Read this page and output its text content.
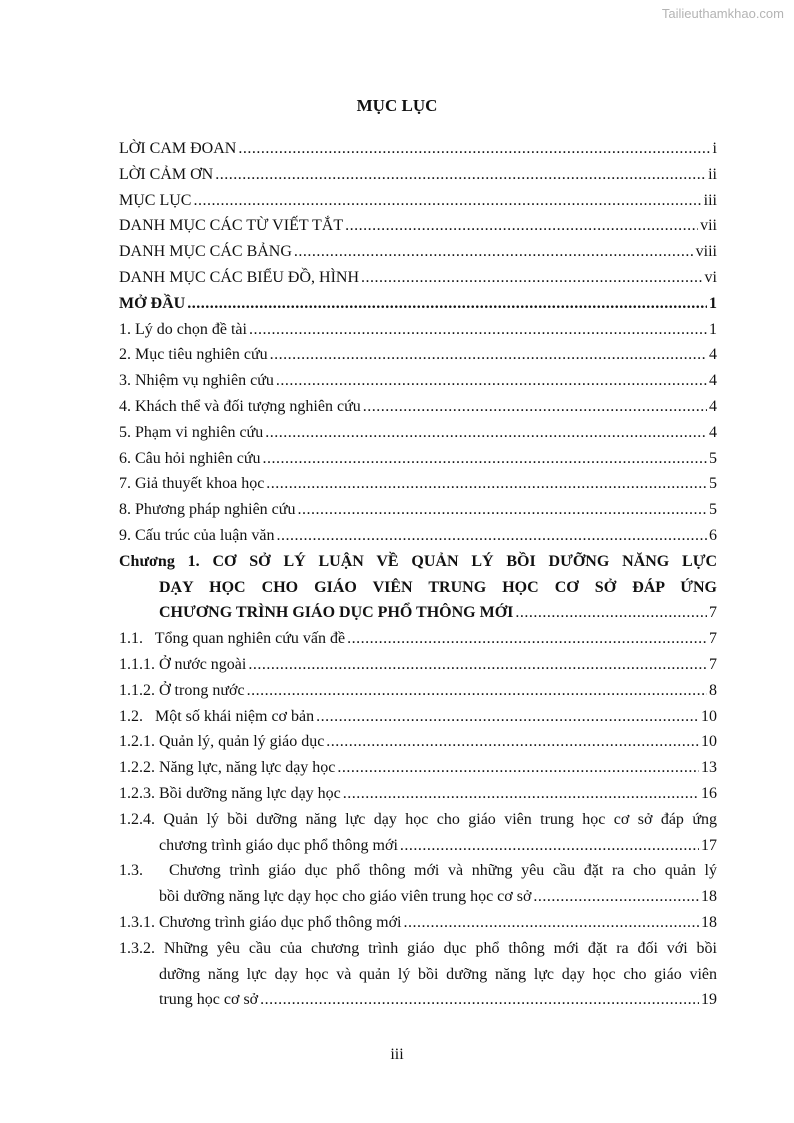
Tailieuthamkhao.com
MỤC LỤC
LỜI CAM ĐOAN .....	i
LỜI CẢM ƠN .....	ii
MỤC LỤC .....	iii
DANH MỤC CÁC TỪ VIẾT TẮT .....	vii
DANH MỤC CÁC BẢNG .....	viii
DANH MỤC CÁC BIỂU ĐỒ, HÌNH .....	vi
MỞ ĐẦU .....	1
1. Lý do chọn đề tài .....	1
2. Mục tiêu nghiên cứu .....	4
3. Nhiệm vụ nghiên cứu .....	4
4. Khách thể và đối tượng nghiên cứu .....	4
5. Phạm vi nghiên cứu .....	4
6. Câu hỏi nghiên cứu .....	5
7. Giả thuyết khoa học .....	5
8. Phương pháp nghiên cứu .....	5
9. Cấu trúc của luận văn .....	6
Chương 1. CƠ SỞ LÝ LUẬN VỀ QUẢN LÝ BỒI DƯỠNG NĂNG LỰC
DẠY HỌC CHO GIÁO VIÊN TRUNG HỌC CƠ SỞ ĐÁP ỨNG
CHƯƠNG TRÌNH GIÁO DỤC PHỔ THÔNG MỚI .....	7
1.1.   Tổng quan nghiên cứu vấn đề .....	7
1.1.1. Ở nước ngoài .....	7
1.1.2. Ở trong nước .....	8
1.2.   Một số khái niệm cơ bản .....	10
1.2.1. Quản lý, quản lý giáo dục .....	10
1.2.2. Năng lực, năng lực dạy học .....	13
1.2.3. Bồi dưỡng năng lực dạy học .....	16
1.2.4. Quản lý bồi dưỡng năng lực dạy học cho giáo viên trung học cơ sở đáp ứng
chương trình giáo dục phổ thông mới .....	17
1.3.   Chương trình giáo dục phổ thông mới và những yêu cầu đặt ra cho quản lý
bồi dưỡng năng lực dạy học cho giáo viên trung học cơ sở .....	18
1.3.1. Chương trình giáo dục phổ thông mới .....	18
1.3.2. Những yêu cầu của chương trình giáo dục phổ thông mới đặt ra đối với bồi
dưỡng năng lực dạy học và quản lý bồi dưỡng năng lực dạy học cho giáo viên
trung học cơ sở .....	19
iii
